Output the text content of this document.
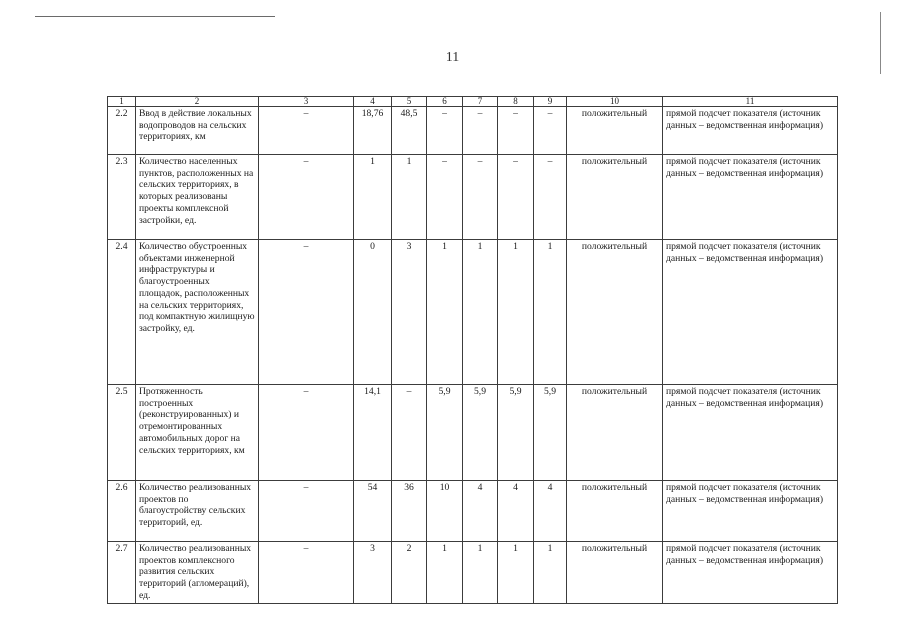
11
1	2	3	4	5	6	7	8	9	10	11
2.2	Ввод в действие локальных водопроводов на сельских территориях, км	–	18,76	48,5	–	–	–	–	положительный	прямой подсчет показателя (источник данных – ведомственная информация)
2.3	Количество населенных пунктов, расположенных на сельских территориях, в которых реализованы проекты комплексной застройки, ед.	–	1	1	–	–	–	–	положительный	прямой подсчет показателя (источник данных – ведомственная информация)
2.4	Количество обустроенных объектами инженерной инфраструктуры и благоустроенных площадок, расположенных на сельских территориях, под компактную жилищную застройку, ед.	–	0	3	1	1	1	1	положительный	прямой подсчет показателя (источник данных – ведомственная информация)
2.5	Протяженность построенных (реконструированных) и отремонтированных автомобильных дорог на сельских территориях, км	–	14,1	–	5,9	5,9	5,9	5,9	положительный	прямой подсчет показателя (источник данных – ведомственная информация)
2.6	Количество реализованных проектов по благоустройству сельских территорий, ед.	–	54	36	10	4	4	4	положительный	прямой подсчет показателя (источник данных – ведомственная информация)
2.7	Количество реализованных проектов комплексного развития сельских территорий (агломераций), ед.	–	3	2	1	1	1	1	положительный	прямой подсчет показателя (источник данных – ведомственная информация)
